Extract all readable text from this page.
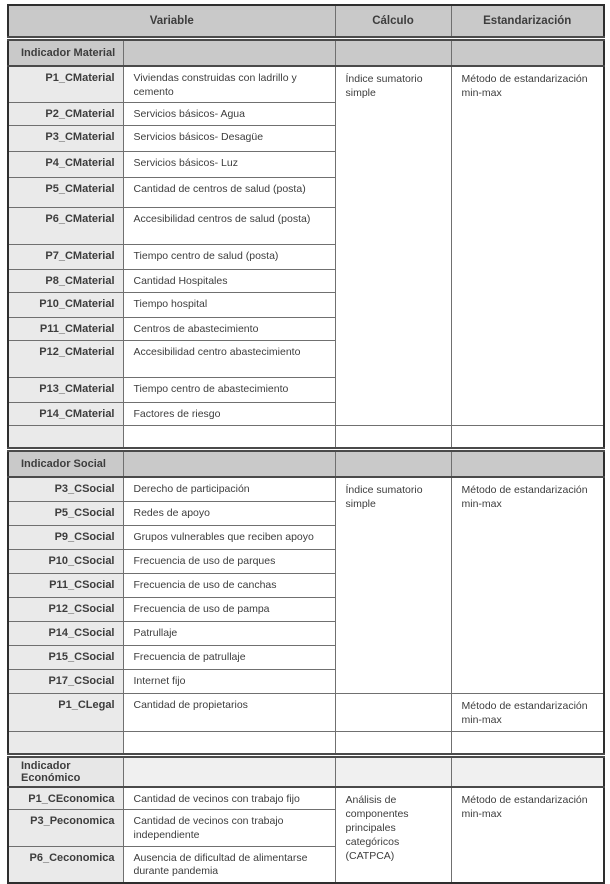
Variable		Cálculo	Estandarización
Indicador Material			
P1_CMaterial	Viviendas construidas con ladrillo y cemento	Índice sumatorio simple	Método de estandarización min-max
P2_CMaterial	Servicios básicos- Agua		
P3_CMaterial	Servicios básicos- Desagüe		
P4_CMaterial	Servicios básicos- Luz		
P5_CMaterial	Cantidad de centros de salud (posta)		
P6_CMaterial	Accesibilidad centros de salud (posta)		
P7_CMaterial	Tiempo centro de salud (posta)		
P8_CMaterial	Cantidad Hospitales		
P10_CMaterial	Tiempo hospital		
P11_CMaterial	Centros de abastecimiento		
P12_CMaterial	Accesibilidad centro abastecimiento		
P13_CMaterial	Tiempo centro de abastecimiento		
P14_CMaterial	Factores de riesgo		

Indicador Social			
P3_CSocial	Derecho de participación	Índice sumatorio simple	Método de estandarización min-max
P5_CSocial	Redes de apoyo		
P9_CSocial	Grupos vulnerables que reciben apoyo		
P10_CSocial	Frecuencia de uso de parques		
P11_CSocial	Frecuencia de uso de canchas		
P12_CSocial	Frecuencia de uso de pampa		
P14_CSocial	Patrullaje		
P15_CSocial	Frecuencia de patrullaje		
P17_CSocial	Internet fijo		
P1_CLegal	Cantidad de propietarios		Método de estandarización min-max

Indicador Económico			
P1_CEconomica	Cantidad de vecinos con trabajo fijo	Análisis de componentes principales categóricos (CATPCA)	Método de estandarización min-max
P3_Peconomica	Cantidad de vecinos con trabajo independiente		
P6_Ceconomica	Ausencia de dificultad de alimentarse durante pandemia		
